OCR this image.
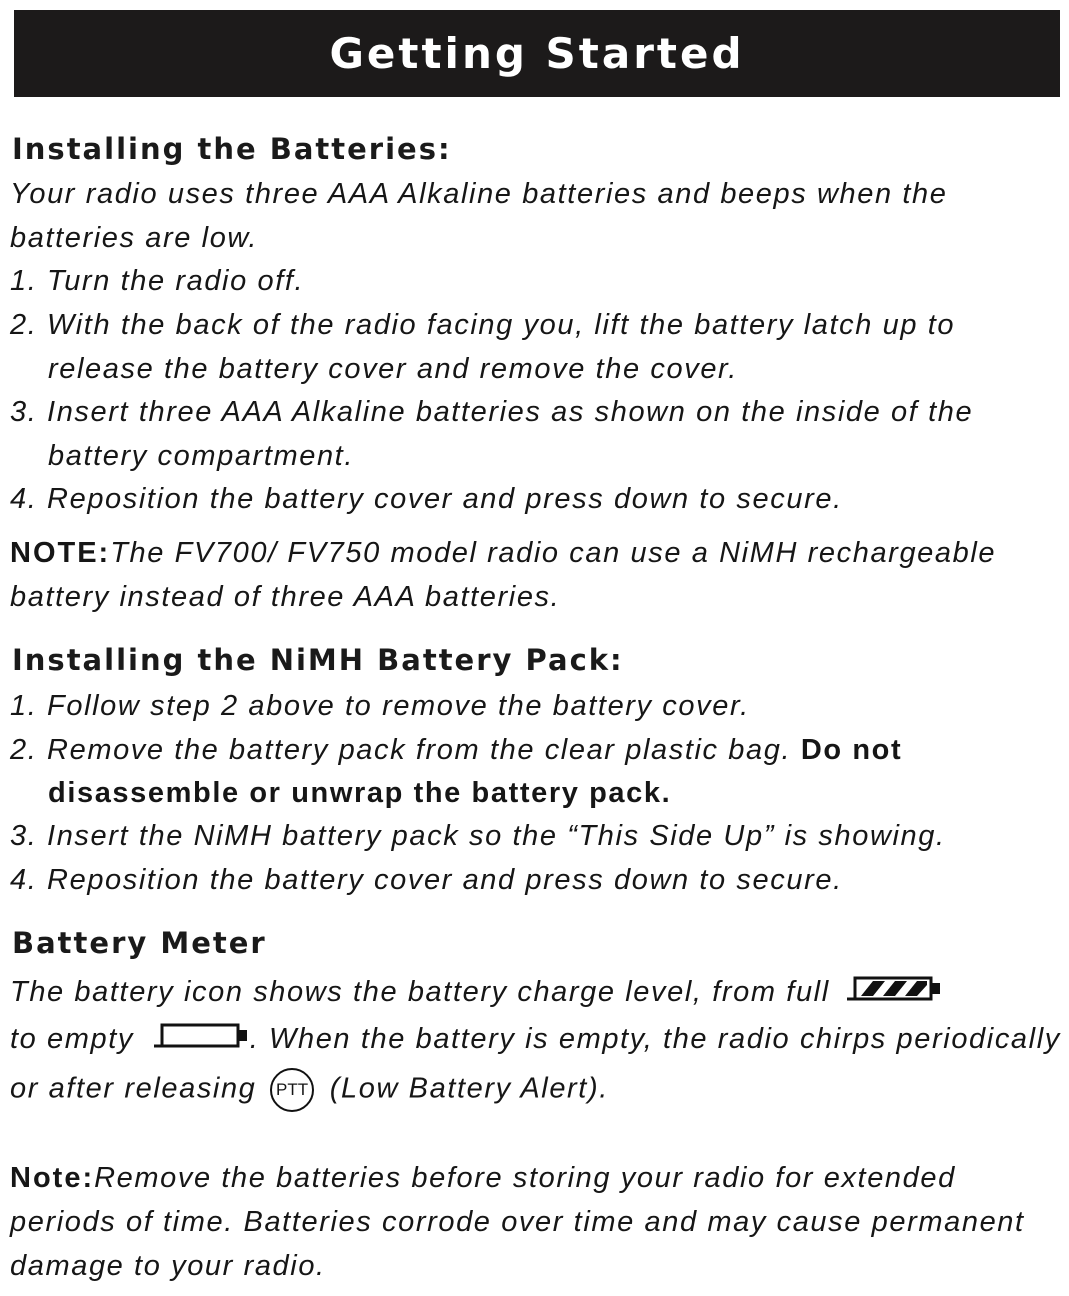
Getting Started
Installing the Batteries:
Your radio uses three AAA Alkaline batteries and beeps when the
batteries are low.
1. Turn the radio off.
2. With the back of the radio facing you, lift the battery latch up to
release the battery cover and remove the cover.
3. Insert three AAA Alkaline batteries as shown on the inside of the
battery compartment.
4. Reposition the battery cover and press down to secure.
NOTE:The FV700/ FV750 model radio can use a NiMH rechargeable
battery instead of three AAA batteries.
Installing the NiMH Battery Pack:
1. Follow step 2 above to remove the battery cover.
2. Remove the battery pack from the clear plastic bag. Do not
disassemble or unwrap the battery pack.
3. Insert the NiMH battery pack so the “This Side Up” is showing.
4. Reposition the battery cover and press down to secure.
Battery Meter
The battery icon shows the battery charge level, from full
to empty	. When the battery is empty, the radio chirps periodically
or after releasing PTT (Low Battery Alert).
Note:Remove the batteries before storing your radio for extended
periods of time. Batteries corrode over time and may cause permanent
damage to your radio.
